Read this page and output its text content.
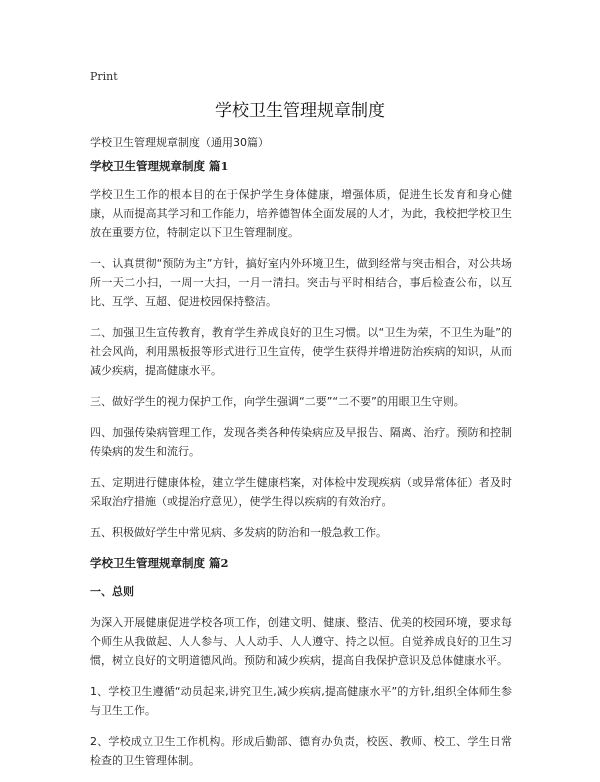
Print
学校卫生管理规章制度

学校卫生管理规章制度（通用30篇）

学校卫生管理规章制度 篇1

学校卫生工作的根本目的在于保护学生身体健康，增强体质，促进生长发育和身心健康，从而提高其学习和工作能力，培养德智体全面发展的人才，为此，我校把学校卫生放在重要方位，特制定以下卫生管理制度。

一、认真贯彻“预防为主”方针，搞好室内外环境卫生，做到经常与突击相合，对公共场所一天二小扫，一周一大扫，一月一清扫。突击与平时相结合，事后检查公布，以互比、互学、互超、促进校园保持整洁。

二、加强卫生宣传教育，教育学生养成良好的卫生习惯。以“卫生为荣，不卫生为耻”的社会风尚，利用黑板报等形式进行卫生宣传，使学生获得并增进防治疾病的知识，从而减少疾病，提高健康水平。

三、做好学生的视力保护工作，向学生强调“二要”“二不要”的用眼卫生守则。

四、加强传染病管理工作，发现各类各种传染病应及早报告、隔离、治疗。预防和控制传染病的发生和流行。

五、定期进行健康体检，建立学生健康档案，对体检中发现疾病（或异常体征）者及时采取治疗措施（或提治疗意见），使学生得以疾病的有效治疗。

五、积极做好学生中常见病、多发病的防治和一般急救工作。

学校卫生管理规章制度 篇2

一、总则

为深入开展健康促进学校各项工作，创建文明、健康、整洁、优美的校园环境，要求每个师生从我做起、人人参与、人人动手、人人遵守、持之以恒。自觉养成良好的卫生习惯，树立良好的文明道德风尚。预防和减少疾病，提高自我保护意识及总体健康水平。

1、学校卫生遵循“动员起来,讲究卫生,减少疾病,提高健康水平”的方针,组织全体师生参与卫生工作。

2、学校成立卫生工作机构。形成后勤部、德育办负责，校医、教师、校工、学生日常检查的卫生管理体制。
